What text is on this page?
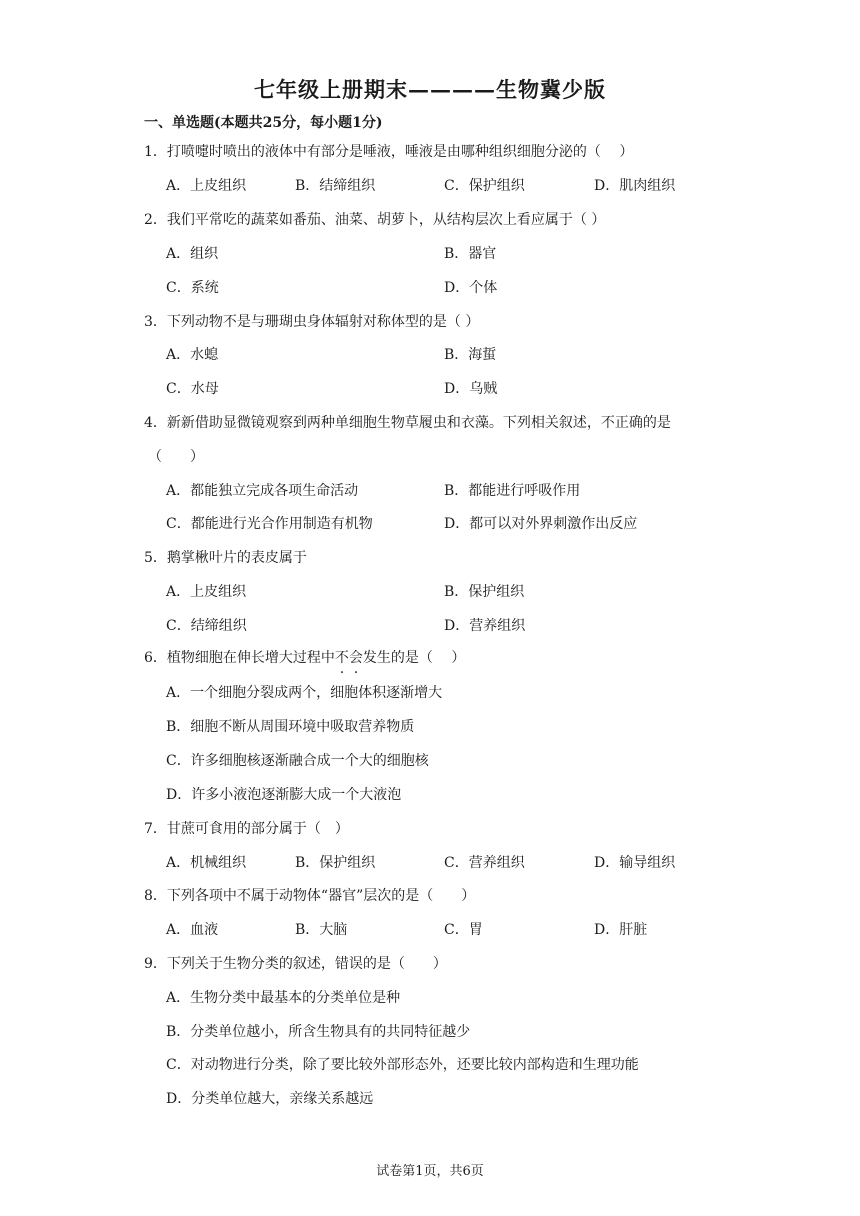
七年级上册期末————生物冀少版
一、单选题(本题共25分，每小题1分)
1．打喷嚏时喷出的液体中有部分是唾液，唾液是由哪种组织细胞分泌的（　 ）
A．上皮组织	B．结缔组织	C．保护组织	D．肌肉组织
2．我们平常吃的蔬菜如番茄、油菜、胡萝卜，从结构层次上看应属于（ ）
A．组织	B．器官
C．系统	D．个体
3．下列动物不是与珊瑚虫身体辐射对称体型的是（ ）
A．水螅	B．海蜇
C．水母	D．乌贼
4．新新借助显微镜观察到两种单细胞生物草履虫和衣藻。下列相关叙述，不正确的是
（　　）
A．都能独立完成各项生命活动	B．都能进行呼吸作用
C．都能进行光合作用制造有机物	D．都可以对外界刺激作出反应
5．鹅掌楸叶片的表皮属于
A．上皮组织	B．保护组织
C．结缔组织	D．营养组织
6．植物细胞在伸长增大过程中不会发生的是（　 ）
A．一个细胞分裂成两个，细胞体积逐渐增大
B．细胞不断从周围环境中吸取营养物质
C．许多细胞核逐渐融合成一个大的细胞核
D．许多小液泡逐渐膨大成一个大液泡
7．甘蔗可食用的部分属于（　）
A．机械组织	B．保护组织	C．营养组织	D．输导组织
8．下列各项中不属于动物体“器官”层次的是（　　）
A．血液	B．大脑	C．胃	D．肝脏
9．下列关于生物分类的叙述，错误的是（　　）
A．生物分类中最基本的分类单位是种
B．分类单位越小，所含生物具有的共同特征越少
C．对动物进行分类，除了要比较外部形态外，还要比较内部构造和生理功能
D．分类单位越大，亲缘关系越远
试卷第1页，共6页
